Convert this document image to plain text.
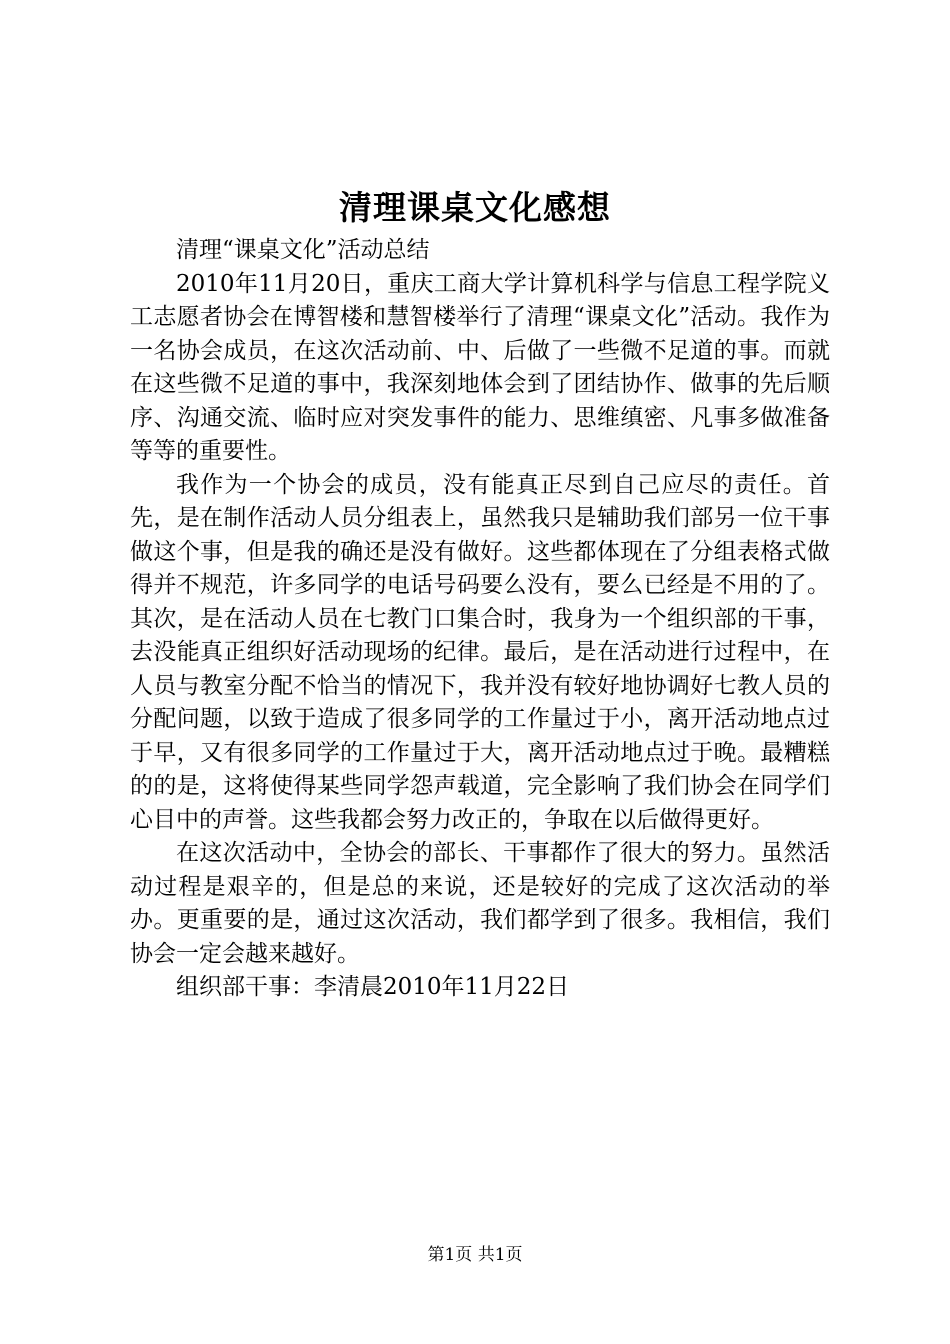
清理课桌文化感想

清理“课桌文化”活动总结

2010年11月20日，重庆工商大学计算机科学与信息工程学院义工志愿者协会在博智楼和慧智楼举行了清理“课桌文化”活动。我作为一名协会成员，在这次活动前、中、后做了一些微不足道的事。而就在这些微不足道的事中，我深刻地体会到了团结协作、做事的先后顺序、沟通交流、临时应对突发事件的能力、思维缜密、凡事多做准备等等的重要性。

我作为一个协会的成员，没有能真正尽到自己应尽的责任。首先，是在制作活动人员分组表上，虽然我只是辅助我们部另一位干事做这个事，但是我的确还是没有做好。这些都体现在了分组表格式做得并不规范，许多同学的电话号码要么没有，要么已经是不用的了。其次，是在活动人员在七教门口集合时，我身为一个组织部的干事，去没能真正组织好活动现场的纪律。最后，是在活动进行过程中，在人员与教室分配不恰当的情况下，我并没有较好地协调好七教人员的分配问题，以致于造成了很多同学的工作量过于小，离开活动地点过于早，又有很多同学的工作量过于大，离开活动地点过于晚。最糟糕的的是，这将使得某些同学怨声载道，完全影响了我们协会在同学们心目中的声誉。这些我都会努力改正的，争取在以后做得更好。

在这次活动中，全协会的部长、干事都作了很大的努力。虽然活动过程是艰辛的，但是总的来说，还是较好的完成了这次活动的举办。更重要的是，通过这次活动，我们都学到了很多。我相信，我们协会一定会越来越好。

组织部干事：李清晨2010年11月22日

第1页 共1页
